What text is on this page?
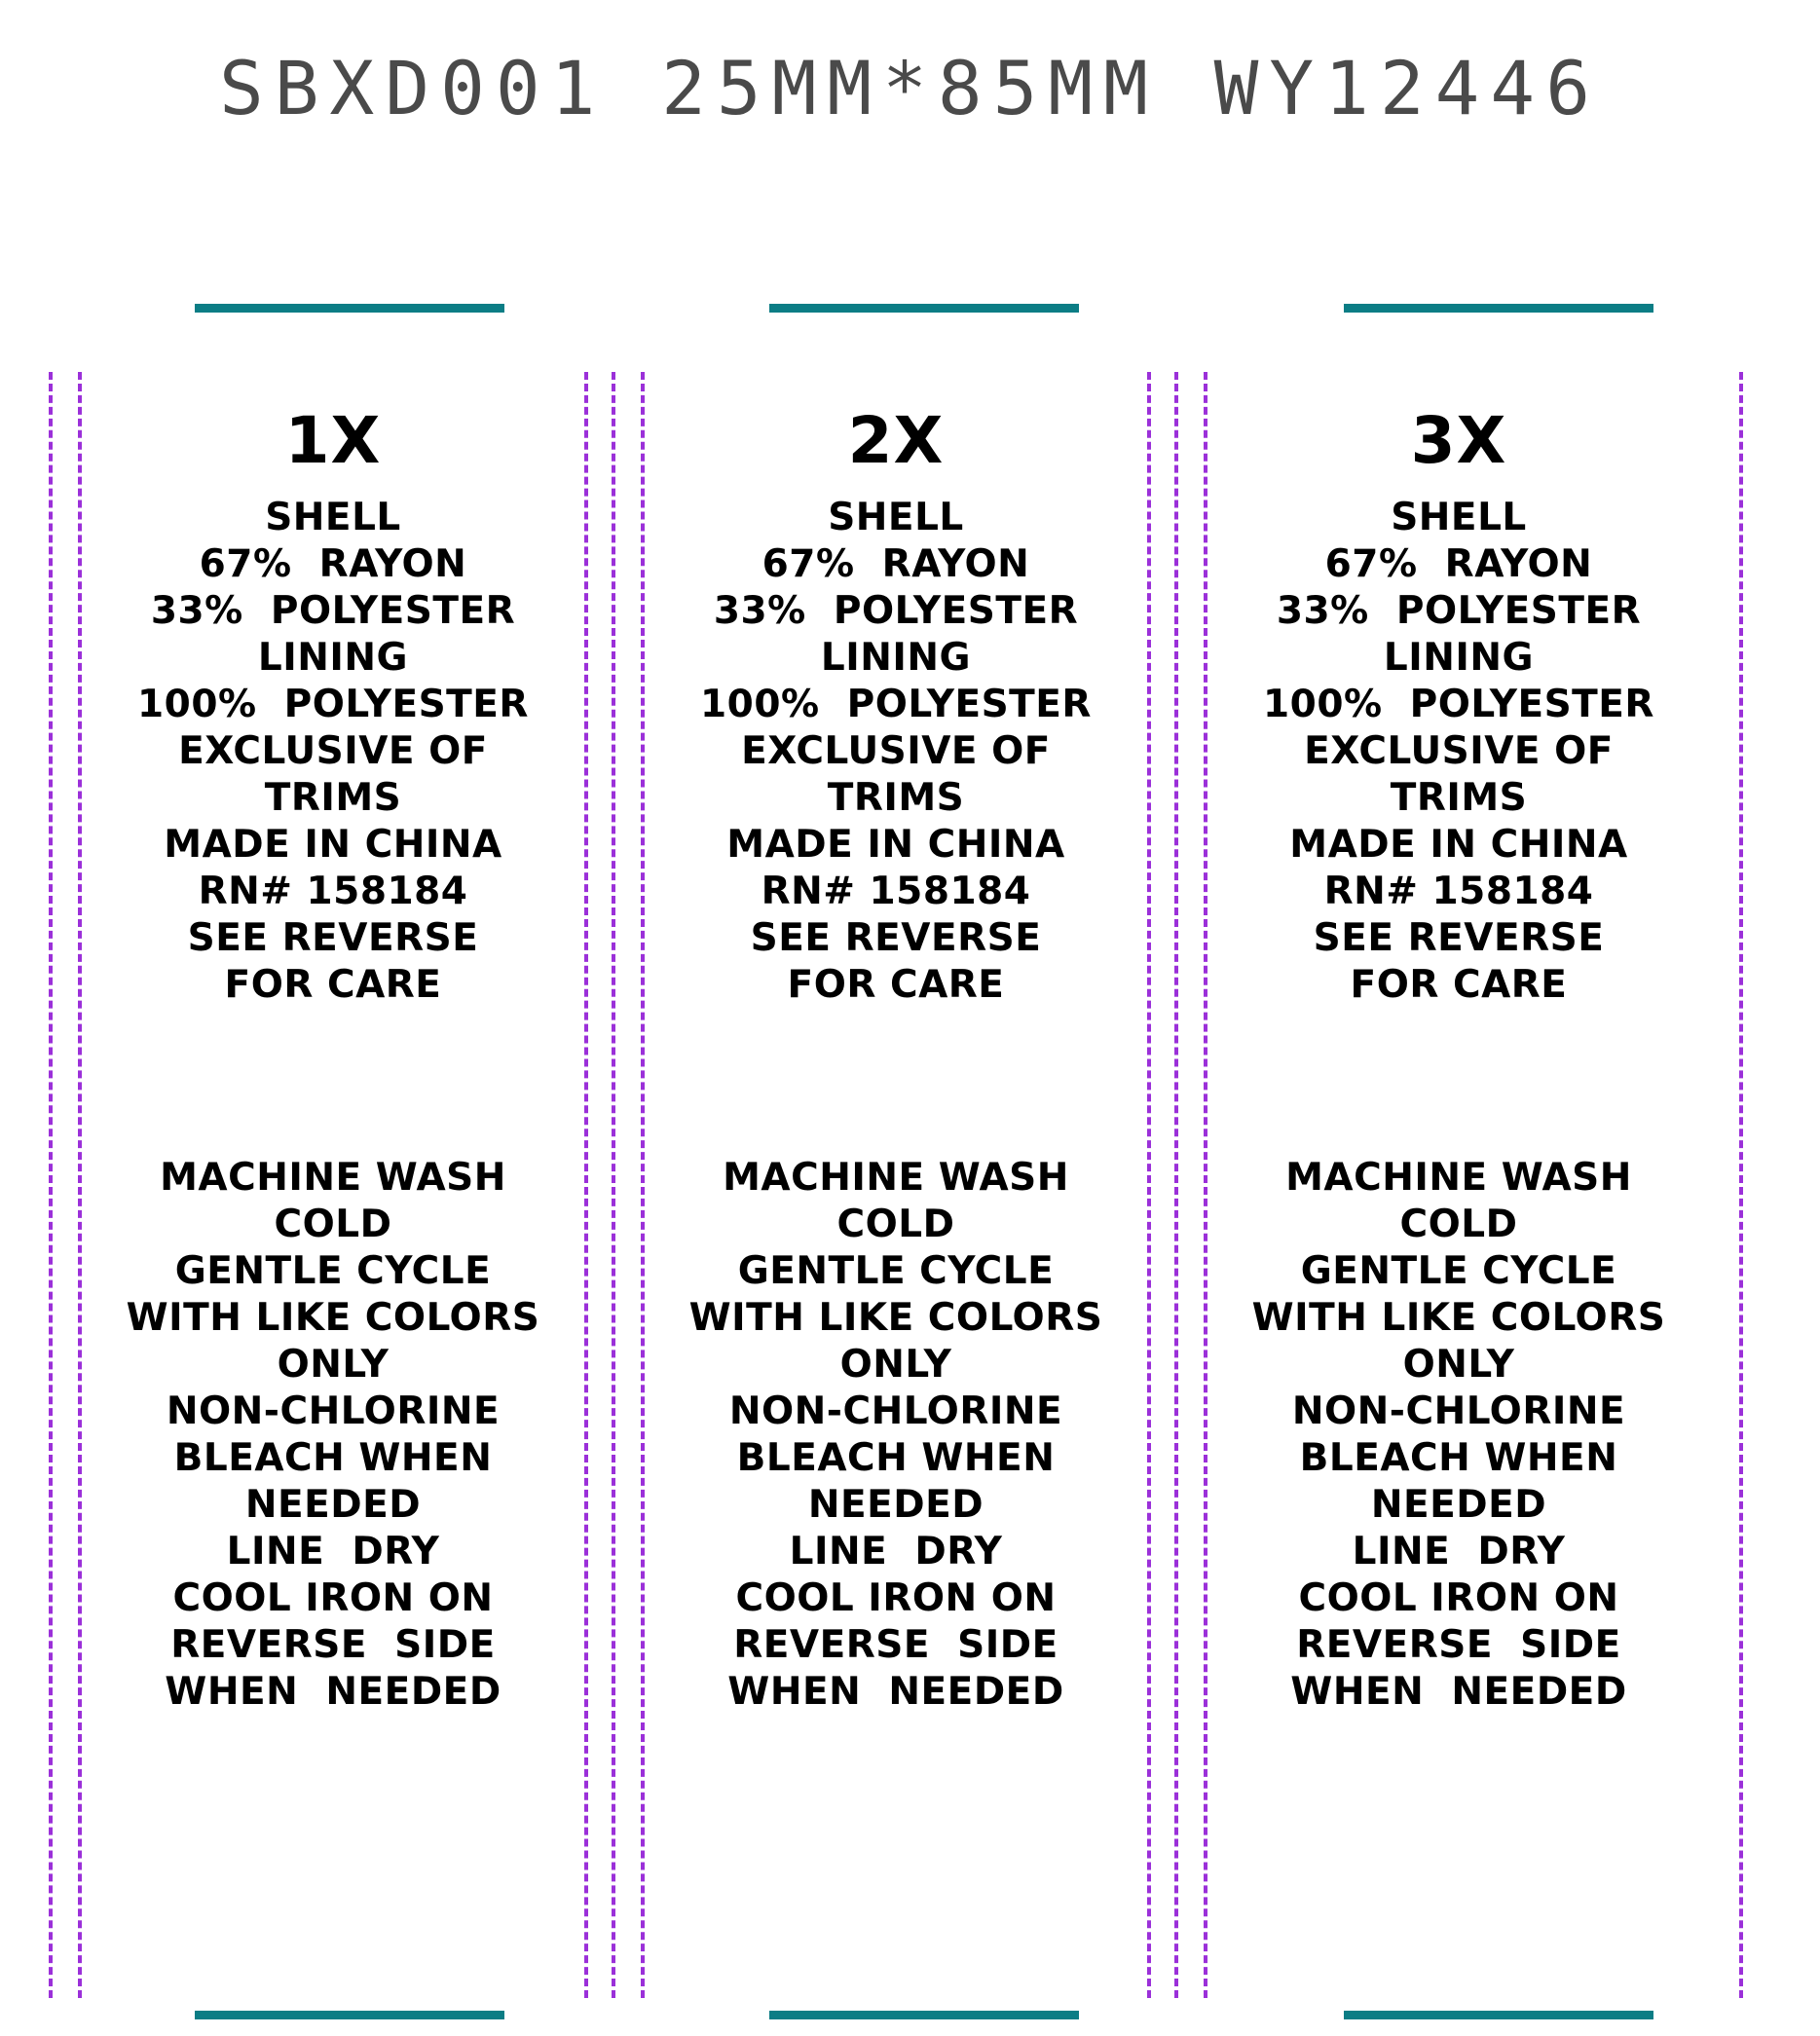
SBXD001 25MM*85MM WY12446
1X
SHELL
67%  RAYON
33%  POLYESTER
LINING
100%  POLYESTER
EXCLUSIVE OF
TRIMS
MADE IN CHINA
RN# 158184
SEE REVERSE
FOR CARE
MACHINE WASH
COLD
GENTLE CYCLE
WITH LIKE COLORS
ONLY
NON-CHLORINE
BLEACH WHEN
NEEDED
LINE  DRY
COOL IRON ON
REVERSE  SIDE
WHEN  NEEDED
2X
SHELL
67%  RAYON
33%  POLYESTER
LINING
100%  POLYESTER
EXCLUSIVE OF
TRIMS
MADE IN CHINA
RN# 158184
SEE REVERSE
FOR CARE
MACHINE WASH
COLD
GENTLE CYCLE
WITH LIKE COLORS
ONLY
NON-CHLORINE
BLEACH WHEN
NEEDED
LINE  DRY
COOL IRON ON
REVERSE  SIDE
WHEN  NEEDED
3X
SHELL
67%  RAYON
33%  POLYESTER
LINING
100%  POLYESTER
EXCLUSIVE OF
TRIMS
MADE IN CHINA
RN# 158184
SEE REVERSE
FOR CARE
MACHINE WASH
COLD
GENTLE CYCLE
WITH LIKE COLORS
ONLY
NON-CHLORINE
BLEACH WHEN
NEEDED
LINE  DRY
COOL IRON ON
REVERSE  SIDE
WHEN  NEEDED
